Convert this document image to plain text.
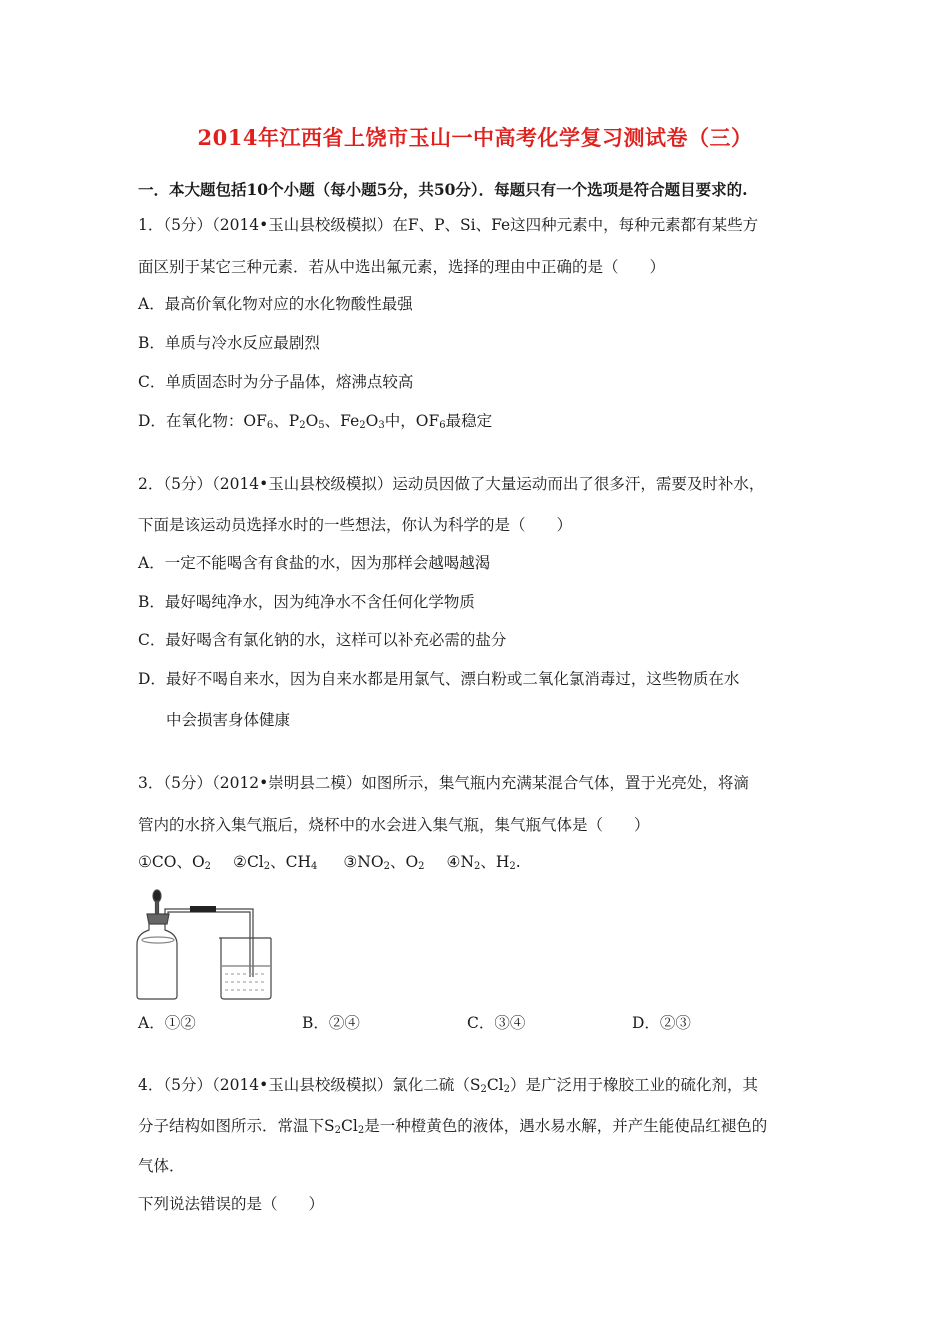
2014年江西省上饶市玉山一中高考化学复习测试卷（三）
一．本大题包括10个小题（每小题5分，共50分）．每题只有一个选项是符合题目要求的.
1．（5分）（2014•玉山县校级模拟）在F、P、Si、Fe这四种元素中，每种元素都有某些方
面区别于某它三种元素．若从中选出氟元素，选择的理由中正确的是（　　）
A．最高价氧化物对应的水化物酸性最强
B．单质与冷水反应最剧烈
C．单质固态时为分子晶体，熔沸点较高
D．在氧化物：$OF_6$、$P_2O_5$、$Fe_2O_3$中，$OF_6$最稳定
2．（5分）（2014•玉山县校级模拟）运动员因做了大量运动而出了很多汗，需要及时补水，
下面是该运动员选择水时的一些想法，你认为科学的是（　　）
A．一定不能喝含有食盐的水，因为那样会越喝越渴
B．最好喝纯净水，因为纯净水不含任何化学物质
C．最好喝含有氯化钠的水，这样可以补充必需的盐分
D．最好不喝自来水，因为自来水都是用氯气、漂白粉或二氧化氯消毒过，这些物质在水
中会损害身体健康
3．（5分）（2012•崇明县二模）如图所示，集气瓶内充满某混合气体，置于光亮处，将滴
管内的水挤入集气瓶后，烧杯中的水会进入集气瓶，集气瓶气体是（　　）
①CO、$O_2$ $②Cl_2$、$CH_4$ $③NO_2$、$O_2$ $④N_2$、$H_2$.
A．①②	B．②④	C．③④	D．②③
4．（5分）（2014•玉山县校级模拟）氯化二硫$(S_2Cl_2)$是广泛用于橡胶工业的硫化剂，其
分子结构如图所示．常温下$S_2Cl_2$是一种橙黄色的液体，遇水易水解，并产生能使品红褪色的
气体．
下列说法错误的是（　　）
